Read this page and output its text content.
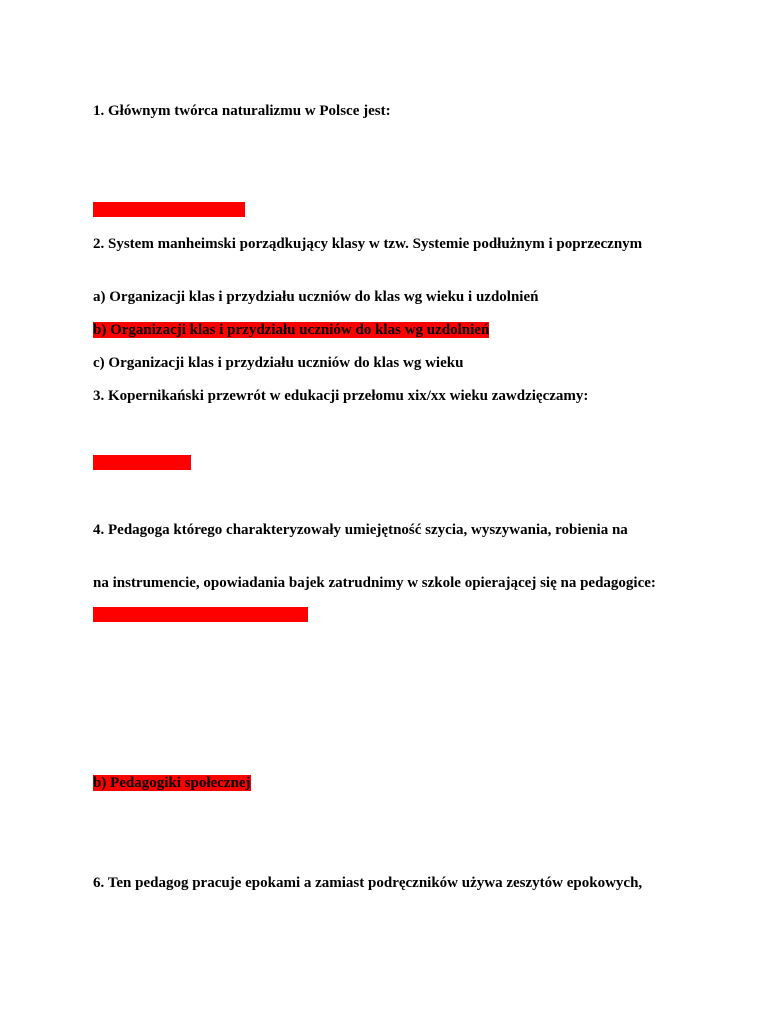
1. Głównym twórca naturalizmu w Polsce jest:
2. System manheimski porządkujący klasy w tzw. Systemie podłużnym i poprzecznym
a) Organizacji klas i przydziału uczniów do klas wg wieku i uzdolnień
b) Organizacji klas i przydziału uczniów do klas wg uzdolnień
c) Organizacji klas i przydziału uczniów do klas wg wieku
3. Kopernikański przewrót w edukacji przełomu xix/xx wieku zawdzięczamy:
4. Pedagoga którego charakteryzowały umiejętność szycia, wyszywania, robienia na
na instrumencie, opowiadania bajek zatrudnimy w szkole opierającej się na pedagogice:
b) Pedagogiki społecznej
6. Ten pedagog pracuje epokami a zamiast podręczników używa zeszytów epokowych,
